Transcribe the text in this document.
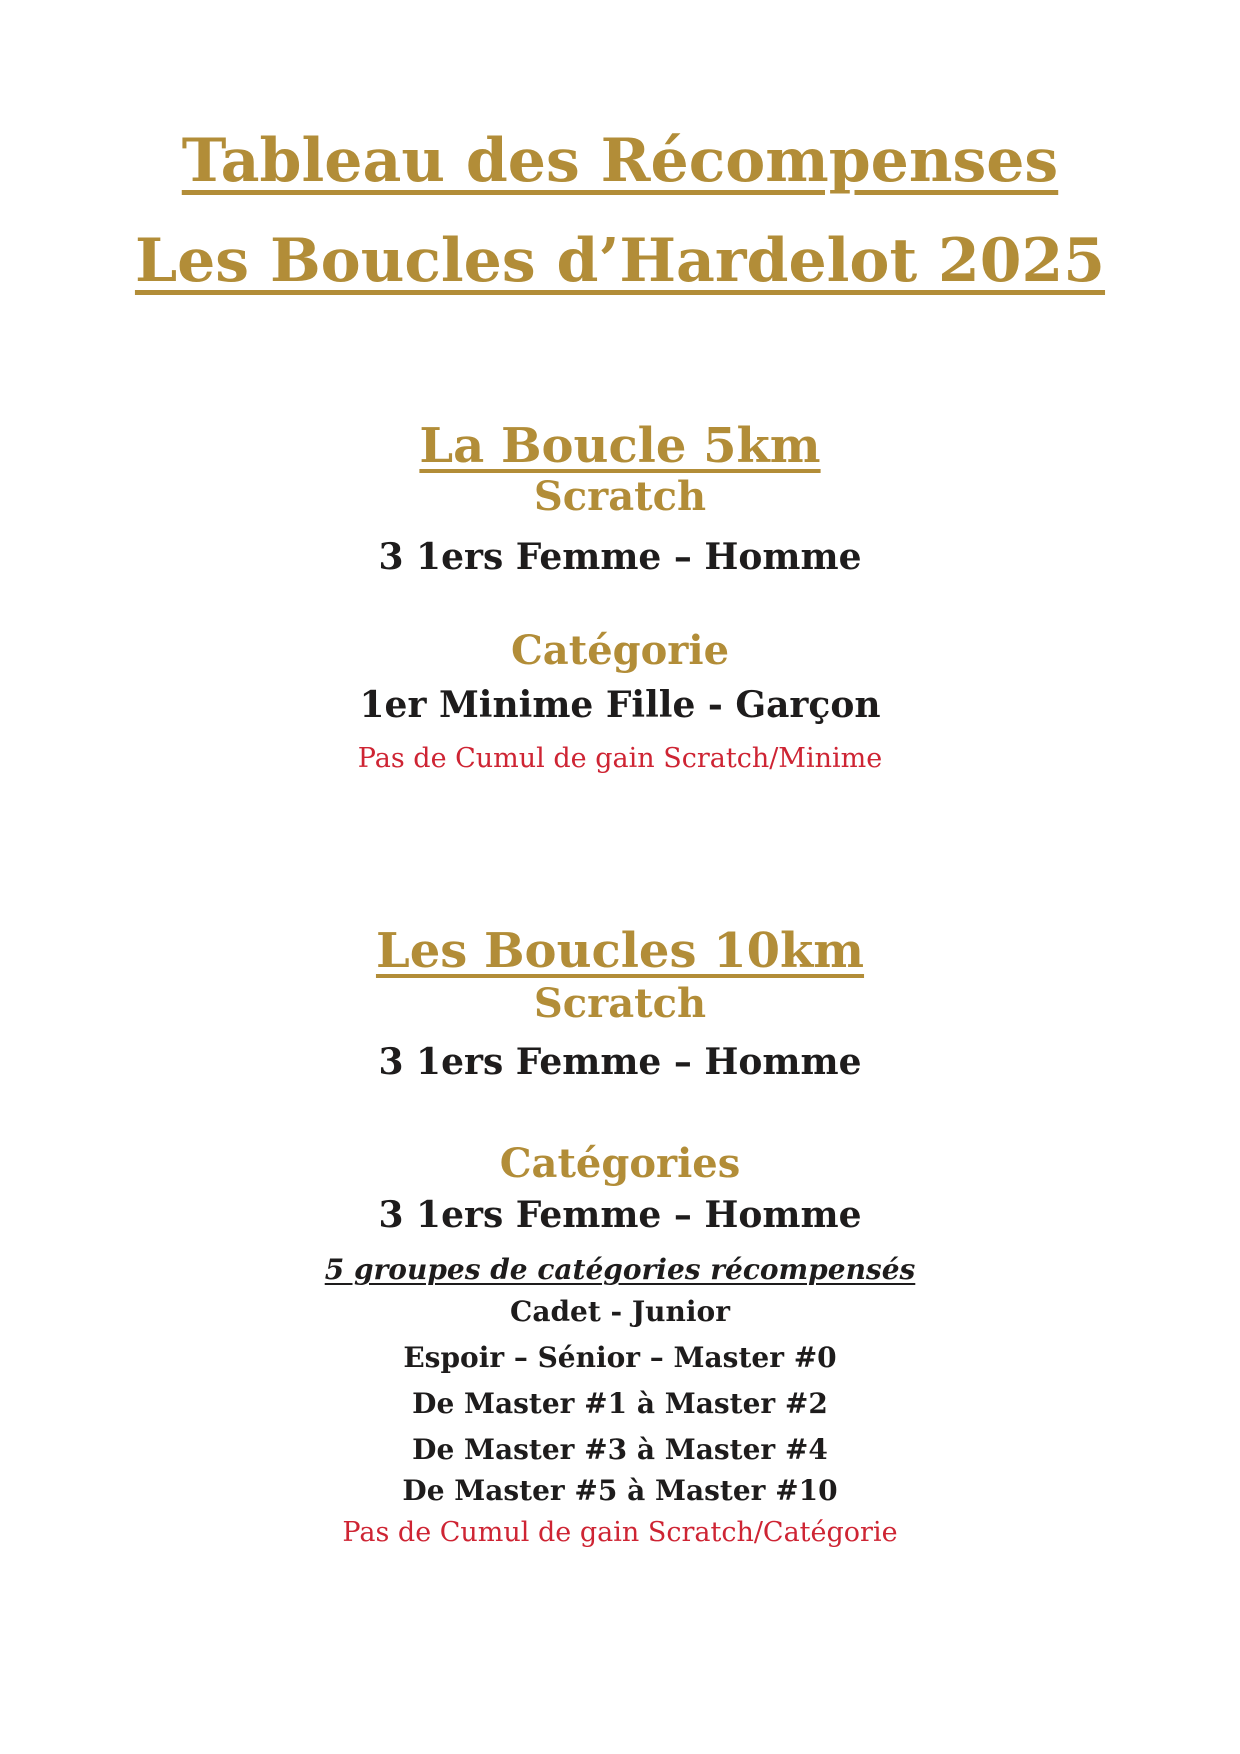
Tableau des Récompenses
Les Boucles d’Hardelot 2025
La Boucle 5km
Scratch
3 1ers Femme – Homme
Catégorie
1er Minime Fille - Garçon
Pas de Cumul de gain Scratch/Minime
Les Boucles 10km
Scratch
3 1ers Femme – Homme
Catégories
3 1ers Femme – Homme
5 groupes de catégories récompensés
Cadet - Junior
Espoir – Sénior – Master #0
De Master #1 à Master #2
De Master #3 à Master #4
De Master #5 à Master #10
Pas de Cumul de gain Scratch/Catégorie
